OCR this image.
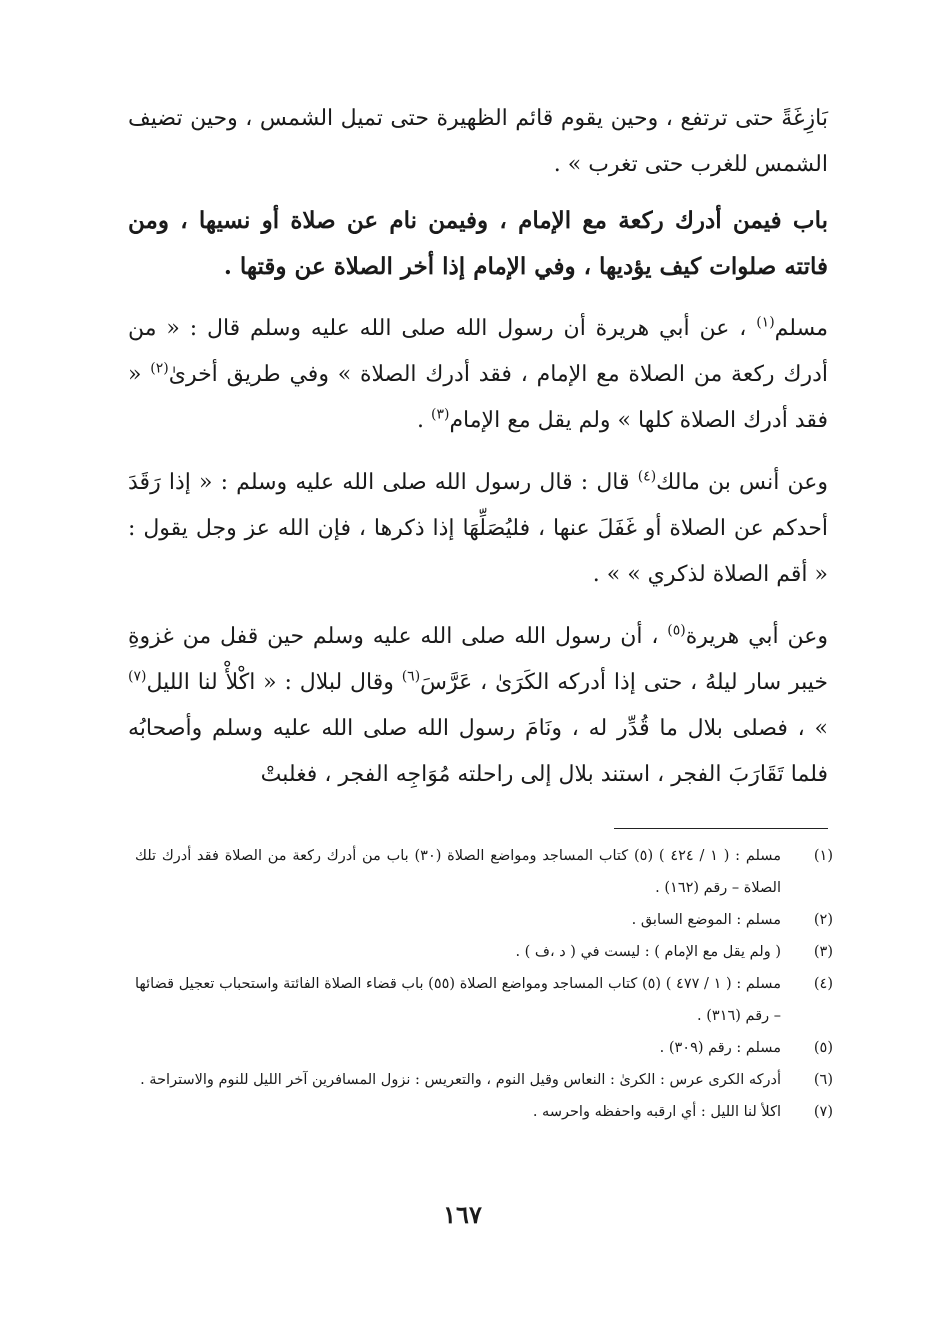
بَازِغَةً حتى ترتفع ، وحين يقوم قائم الظهيرة حتى تميل الشمس ، وحين تضيف الشمس للغرب حتى تغرب » .

باب فيمن أدرك ركعة مع الإمام ، وفيمن نام عن صلاة أو نسيها ، ومن فاتته صلوات كيف يؤديها ، وفي الإمام إذا أخر الصلاة عن وقتها .

مسلم$^{(١)}$ ، عن أبي هريرة أن رسول الله صلى الله عليه وسلم قال : « من أدرك ركعة من الصلاة مع الإمام ، فقد أدرك الصلاة » وفي طريق أخرىٰ$^{(٢)}$ « فقد أدرك الصلاة كلها » ولم يقل مع الإمام$^{(٣)}$ .

وعن أنس بن مالك$^{(٤)}$ قال : قال رسول الله صلى الله عليه وسلم : « إذا رَقَدَ أحدكم عن الصلاة أو غَفَلَ عنها ، فليُصَلِّهَا إذا ذكرها ، فإن الله عز وجل يقول : « أقم الصلاة لذكري » » .

وعن أبي هريرة$^{(٥)}$ ، أن رسول الله صلى الله عليه وسلم حين قفل من غزوةِ خيبر سار ليلهُ ، حتى إذا أدركه الكَرَىٰ ، عَرَّسَ$^{(٦)}$ وقال لبلال : « اكْلأْ لنا الليل$^{(٧)}$ » ، فصلى بلال ما قُدِّر له ، ونَامَ رسول الله صلى الله عليه وسلم وأصحابُه فلما تَقَارَبَ الفجر ، استند بلال إلى راحلته مُوَاجِه الفجر ، فغلبتْ

(١)
مسلم : ( ١ / ٤٢٤ ) (٥) كتاب المساجد ومواضع الصلاة (٣٠) باب من أدرك ركعة من الصلاة فقد أدرك تلك الصلاة – رقم (١٦٢) .
(٢)
مسلم : الموضع السابق .
(٣)
( ولم يقل مع الإمام ) : ليست في ( د ،ف ) .
(٤)
مسلم : ( ١ / ٤٧٧ ) (٥) كتاب المساجد ومواضع الصلاة (٥٥) باب قضاء الصلاة الفائتة واستحباب تعجيل قضائها – رقم (٣١٦) .
(٥)
مسلم : رقم (٣٠٩) .
(٦)
أدركه الكرى عرس : الكرىٰ : النعاس وقيل النوم ، والتعريس : نزول المسافرين آخر الليل للنوم والاستراحة .
(٧)
اكلأ لنا الليل : أي ارقبه واحفظه واحرسه .
١٦٧
